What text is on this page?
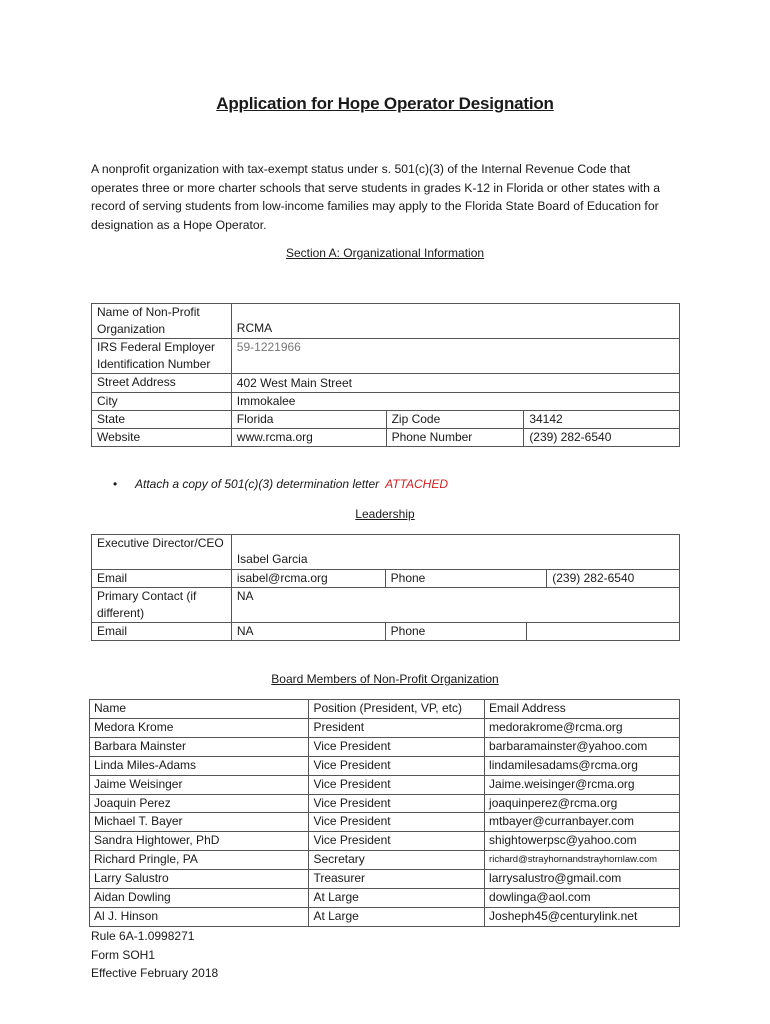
Application for Hope Operator Designation

A nonprofit organization with tax-exempt status under s. 501(c)(3) of the Internal Revenue Code that operates three or more charter schools that serve students in grades K-12 in Florida or other states with a record of serving students from low-income families may apply to the Florida State Board of Education for designation as a Hope Operator.

Section A: Organizational Information
Name of Non-Profit Organization	RCMA		
IRS Federal Employer Identification Number	59-1221966		
Street Address	402 West Main Street		
City	Immokalee		
State	Florida	Zip Code	34142
Website	www.rcma.org	Phone Number	(239) 282-6540
• Attach a copy of 501(c)(3) determination letter ATTACHED
Leadership
Executive Director/CEO	Isabel Garcia			
Email	isabel@rcma.org	Phone		(239) 282-6540
Primary Contact (if different)	NA			
Email	NA	Phone		
Board Members of Non-Profit Organization
Name	Position (President, VP, etc)	Email Address
Medora Krome	President	medorakrome@rcma.org
Barbara Mainster	Vice President	barbaramainster@yahoo.com
Linda Miles-Adams	Vice President	lindamilesadams@rcma.org
Jaime Weisinger	Vice President	Jaime.weisinger@rcma.org
Joaquin Perez	Vice President	joaquinperez@rcma.org
Michael T. Bayer	Vice President	mtbayer@curranbayer.com
Sandra Hightower, PhD	Vice President	shightowerpsc@yahoo.com
Richard Pringle, PA	Secretary	richard@strayhornandstrayhornlaw.com
Larry Salustro	Treasurer	larrysalustro@gmail.com
Aidan Dowling	At Large	dowlinga@aol.com
Al J. Hinson	At Large	Josheph45@centurylink.net
Rule 6A-1.0998271
Form SOH1
Effective February 2018
